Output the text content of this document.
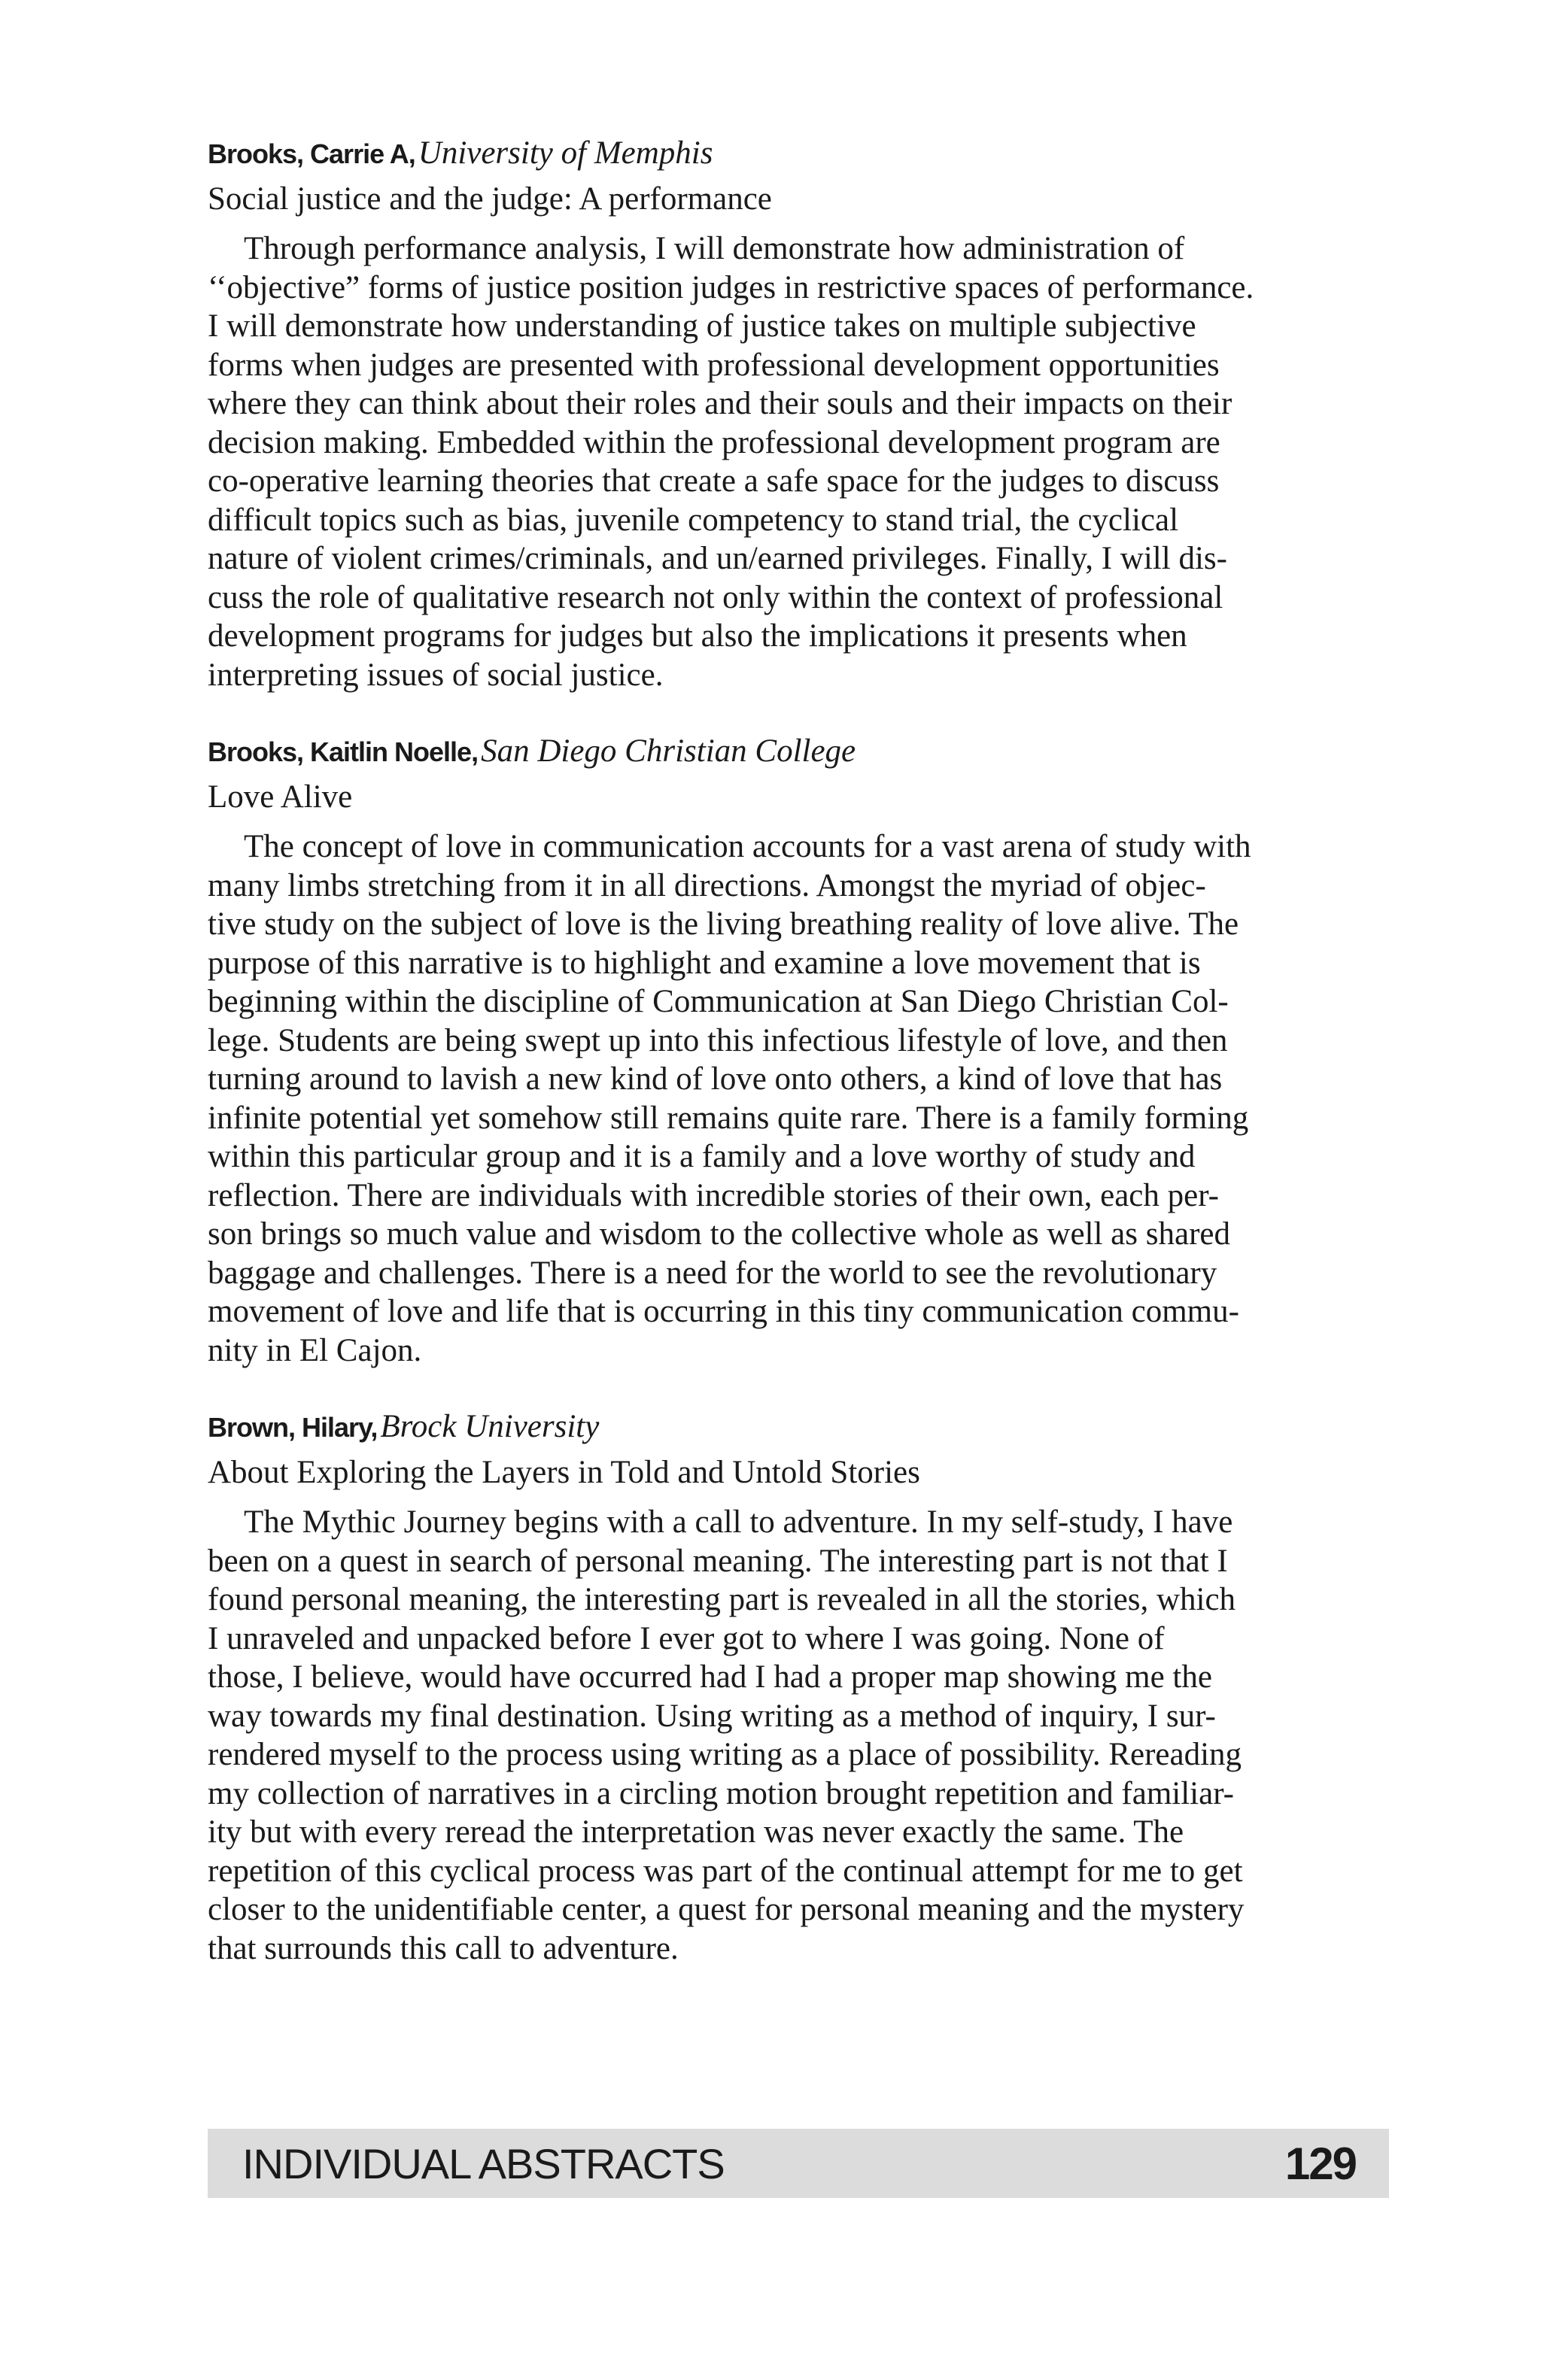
Brooks, Carrie A, University of Memphis
Social justice and the judge: A performance

Through performance analysis, I will demonstrate how administration of
‘‘objective” forms of justice position judges in restrictive spaces of performance.
I will demonstrate how understanding of justice takes on multiple subjective
forms when judges are presented with professional development opportunities
where they can think about their roles and their souls and their impacts on their
decision making. Embedded within the professional development program are
co-operative learning theories that create a safe space for the judges to discuss
difficult topics such as bias, juvenile competency to stand trial, the cyclical
nature of violent crimes/criminals, and un/earned privileges. Finally, I will dis-
cuss the role of qualitative research not only within the context of professional
development programs for judges but also the implications it presents when
interpreting issues of social justice.

Brooks, Kaitlin Noelle, San Diego Christian College
Love Alive

The concept of love in communication accounts for a vast arena of study with
many limbs stretching from it in all directions. Amongst the myriad of objec-
tive study on the subject of love is the living breathing reality of love alive. The
purpose of this narrative is to highlight and examine a love movement that is
beginning within the discipline of Communication at San Diego Christian Col-
lege. Students are being swept up into this infectious lifestyle of love, and then
turning around to lavish a new kind of love onto others, a kind of love that has
infinite potential yet somehow still remains quite rare. There is a family forming
within this particular group and it is a family and a love worthy of study and
reflection. There are individuals with incredible stories of their own, each per-
son brings so much value and wisdom to the collective whole as well as shared
baggage and challenges. There is a need for the world to see the revolutionary
movement of love and life that is occurring in this tiny communication commu-
nity in El Cajon.

Brown, Hilary, Brock University
About Exploring the Layers in Told and Untold Stories

The Mythic Journey begins with a call to adventure. In my self-study, I have
been on a quest in search of personal meaning. The interesting part is not that I
found personal meaning, the interesting part is revealed in all the stories, which
I unraveled and unpacked before I ever got to where I was going. None of
those, I believe, would have occurred had I had a proper map showing me the
way towards my final destination. Using writing as a method of inquiry, I sur-
rendered myself to the process using writing as a place of possibility. Rereading
my collection of narratives in a circling motion brought repetition and familiar-
ity but with every reread the interpretation was never exactly the same. The
repetition of this cyclical process was part of the continual attempt for me to get
closer to the unidentifiable center, a quest for personal meaning and the mystery
that surrounds this call to adventure.

INDIVIDUAL ABSTRACTS	129
